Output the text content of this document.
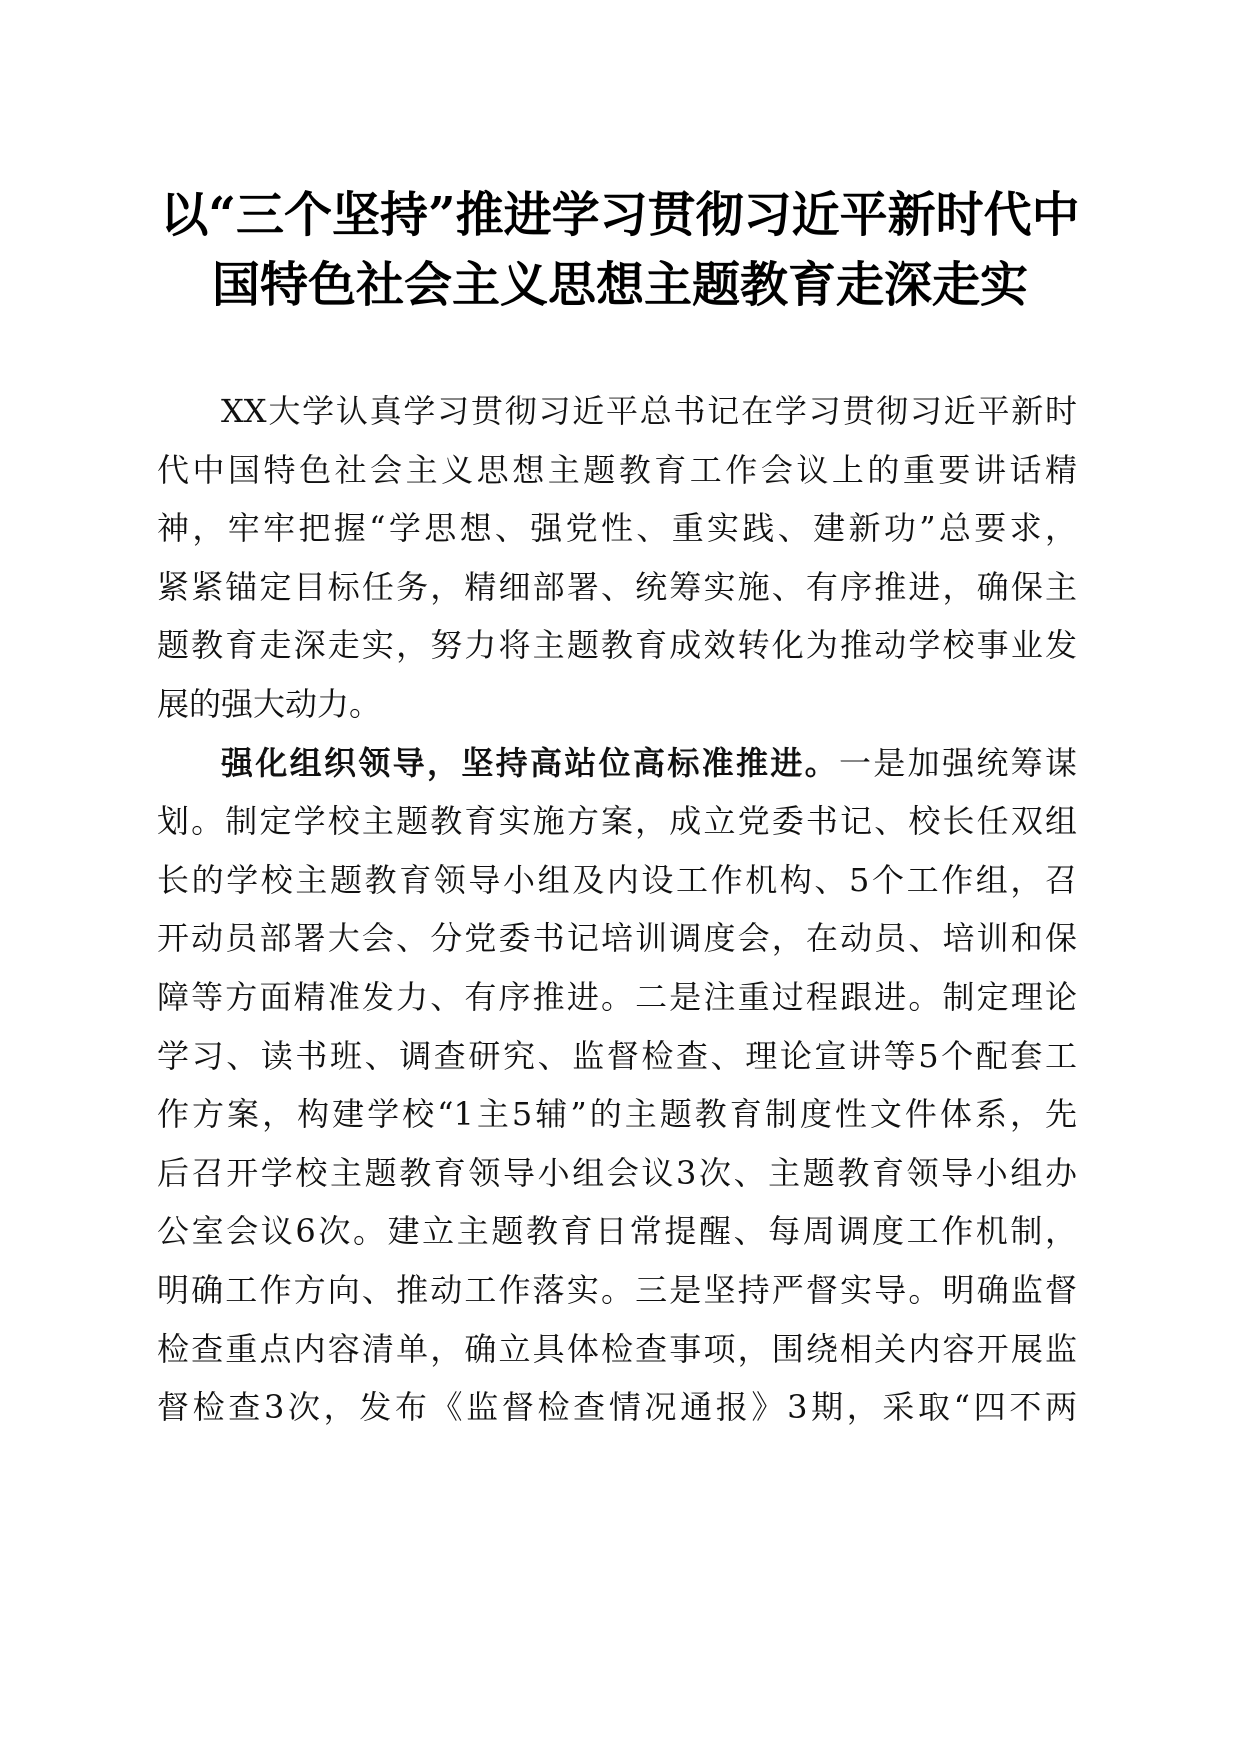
以“三个坚持”推进学习贯彻习近平新时代中
国特色社会主义思想主题教育走深走实
XX大学认真学习贯彻习近平总书记在学习贯彻习近平新时
代中国特色社会主义思想主题教育工作会议上的重要讲话精
神，牢牢把握“学思想、强党性、重实践、建新功”总要求，
紧紧锚定目标任务，精细部署、统筹实施、有序推进，确保主
题教育走深走实，努力将主题教育成效转化为推动学校事业发
展的强大动力。
强化组织领导，坚持高站位高标准推进。一是加强统筹谋
划。制定学校主题教育实施方案，成立党委书记、校长任双组
长的学校主题教育领导小组及内设工作机构、5个工作组，召
开动员部署大会、分党委书记培训调度会，在动员、培训和保
障等方面精准发力、有序推进。二是注重过程跟进。制定理论
学习、读书班、调查研究、监督检查、理论宣讲等5个配套工
作方案，构建学校“1主5辅”的主题教育制度性文件体系，先
后召开学校主题教育领导小组会议3次、主题教育领导小组办
公室会议6次。建立主题教育日常提醒、每周调度工作机制，
明确工作方向、推动工作落实。三是坚持严督实导。明确监督
检查重点内容清单，确立具体检查事项，围绕相关内容开展监
督检查3次，发布《监督检查情况通报》3期，采取“四不两
